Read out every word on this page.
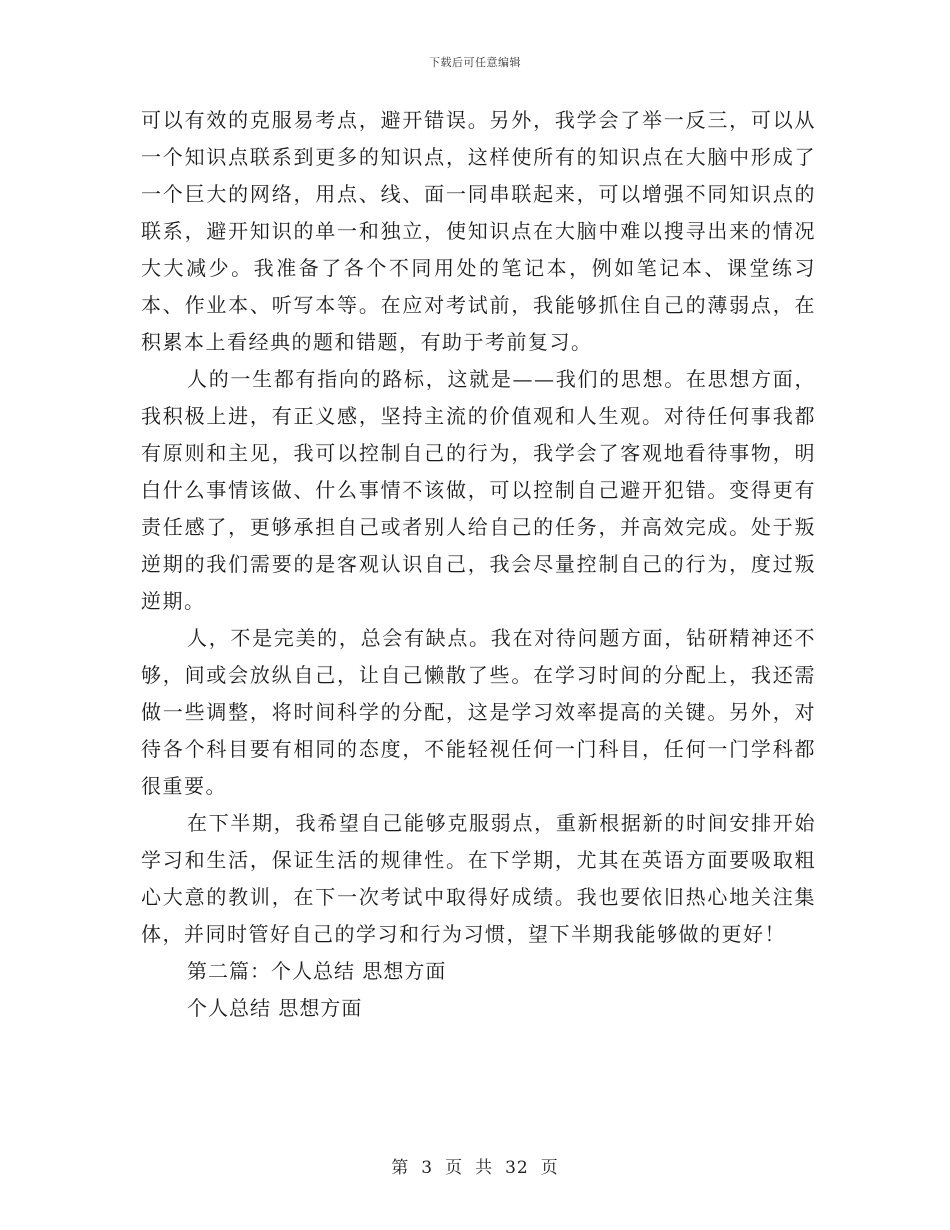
下载后可任意编辑

可以有效的克服易考点，避开错误。另外，我学会了举一反三，可以从一个知识点联系到更多的知识点，这样使所有的知识点在大脑中形成了一个巨大的网络，用点、线、面一同串联起来，可以增强不同知识点的联系，避开知识的单一和独立，使知识点在大脑中难以搜寻出来的情况大大减少。我准备了各个不同用处的笔记本，例如笔记本、课堂练习本、作业本、听写本等。在应对考试前，我能够抓住自己的薄弱点，在积累本上看经典的题和错题，有助于考前复习。

人的一生都有指向的路标，这就是——我们的思想。在思想方面，我积极上进，有正义感，坚持主流的价值观和人生观。对待任何事我都有原则和主见，我可以控制自己的行为，我学会了客观地看待事物，明白什么事情该做、什么事情不该做，可以控制自己避开犯错。变得更有责任感了，更够承担自己或者别人给自己的任务，并高效完成。处于叛逆期的我们需要的是客观认识自己，我会尽量控制自己的行为，度过叛逆期。

人，不是完美的，总会有缺点。我在对待问题方面，钻研精神还不够，间或会放纵自己，让自己懒散了些。在学习时间的分配上，我还需做一些调整，将时间科学的分配，这是学习效率提高的关键。另外，对待各个科目要有相同的态度，不能轻视任何一门科目，任何一门学科都很重要。

在下半期，我希望自己能够克服弱点，重新根据新的时间安排开始学习和生活，保证生活的规律性。在下学期，尤其在英语方面要吸取粗心大意的教训，在下一次考试中取得好成绩。我也要依旧热心地关注集体，并同时管好自己的学习和行为习惯，望下半期我能够做的更好！

第二篇：个人总结 思想方面

个人总结 思想方面

第 3 页 共 32 页
